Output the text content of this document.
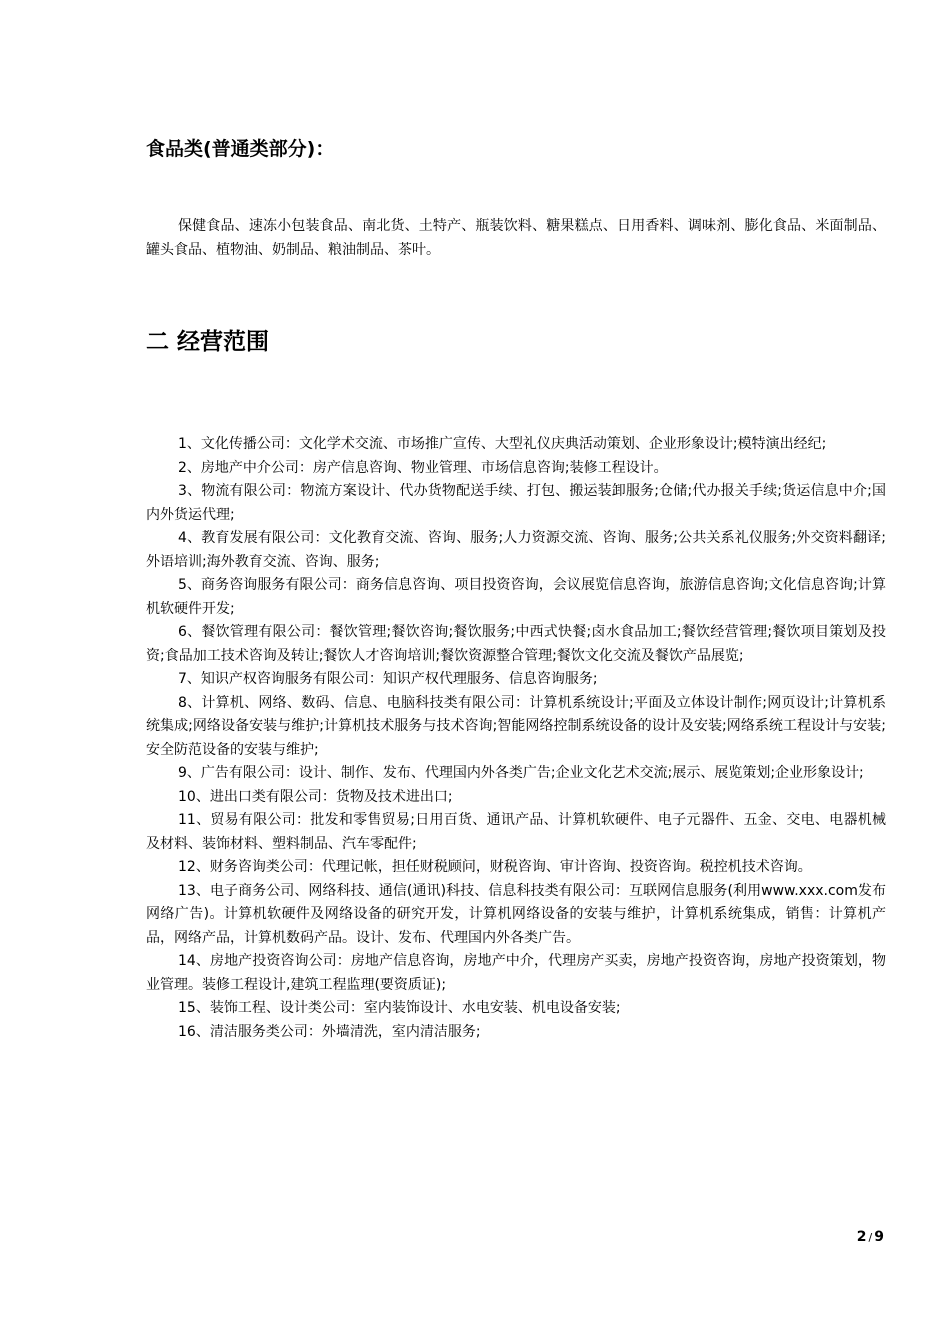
食品类(普通类部分)：

保健食品、速冻小包装食品、南北货、土特产、瓶装饮料、糖果糕点、日用香料、调味剂、膨化食品、米面制品、罐头食品、植物油、奶制品、粮油制品、茶叶。

二 经营范围
1、文化传播公司：文化学术交流、市场推广宣传、大型礼仪庆典活动策划、企业形象设计;模特演出经纪;
2、房地产中介公司：房产信息咨询、物业管理、市场信息咨询;装修工程设计。
3、物流有限公司：物流方案设计、代办货物配送手续、打包、搬运装卸服务;仓储;代办报关手续;货运信息中介;国内外货运代理;
4、教育发展有限公司：文化教育交流、咨询、服务;人力资源交流、咨询、服务;公共关系礼仪服务;外交资料翻译;外语培训;海外教育交流、咨询、服务;
5、商务咨询服务有限公司：商务信息咨询、项目投资咨询，会议展览信息咨询，旅游信息咨询;文化信息咨询;计算机软硬件开发;
6、餐饮管理有限公司：餐饮管理;餐饮咨询;餐饮服务;中西式快餐;卤水食品加工;餐饮经营管理;餐饮项目策划及投资;食品加工技术咨询及转让;餐饮人才咨询培训;餐饮资源整合管理;餐饮文化交流及餐饮产品展览;
7、知识产权咨询服务有限公司：知识产权代理服务、信息咨询服务;
8、计算机、网络、数码、信息、电脑科技类有限公司：计算机系统设计;平面及立体设计制作;网页设计;计算机系统集成;网络设备安装与维护;计算机技术服务与技术咨询;智能网络控制系统设备的设计及安装;网络系统工程设计与安装;安全防范设备的安装与维护;
9、广告有限公司：设计、制作、发布、代理国内外各类广告;企业文化艺术交流;展示、展览策划;企业形象设计;
10、进出口类有限公司：货物及技术进出口;
11、贸易有限公司：批发和零售贸易;日用百货、通讯产品、计算机软硬件、电子元器件、五金、交电、电器机械及材料、装饰材料、塑料制品、汽车零配件;
12、财务咨询类公司：代理记帐，担任财税顾问，财税咨询、审计咨询、投资咨询。税控机技术咨询。
13、电子商务公司、网络科技、通信(通讯)科技、信息科技类有限公司：互联网信息服务(利用www.xxx.com发布网络广告)。计算机软硬件及网络设备的研究开发，计算机网络设备的安装与维护，计算机系统集成，销售：计算机产品，网络产品，计算机数码产品。设计、发布、代理国内外各类广告。
14、房地产投资咨询公司：房地产信息咨询，房地产中介，代理房产买卖，房地产投资咨询，房地产投资策划，物业管理。装修工程设计,建筑工程监理(要资质证);
15、装饰工程、设计类公司：室内装饰设计、水电安装、机电设备安装;
16、清洁服务类公司：外墙清洗，室内清洁服务;
2 / 9
